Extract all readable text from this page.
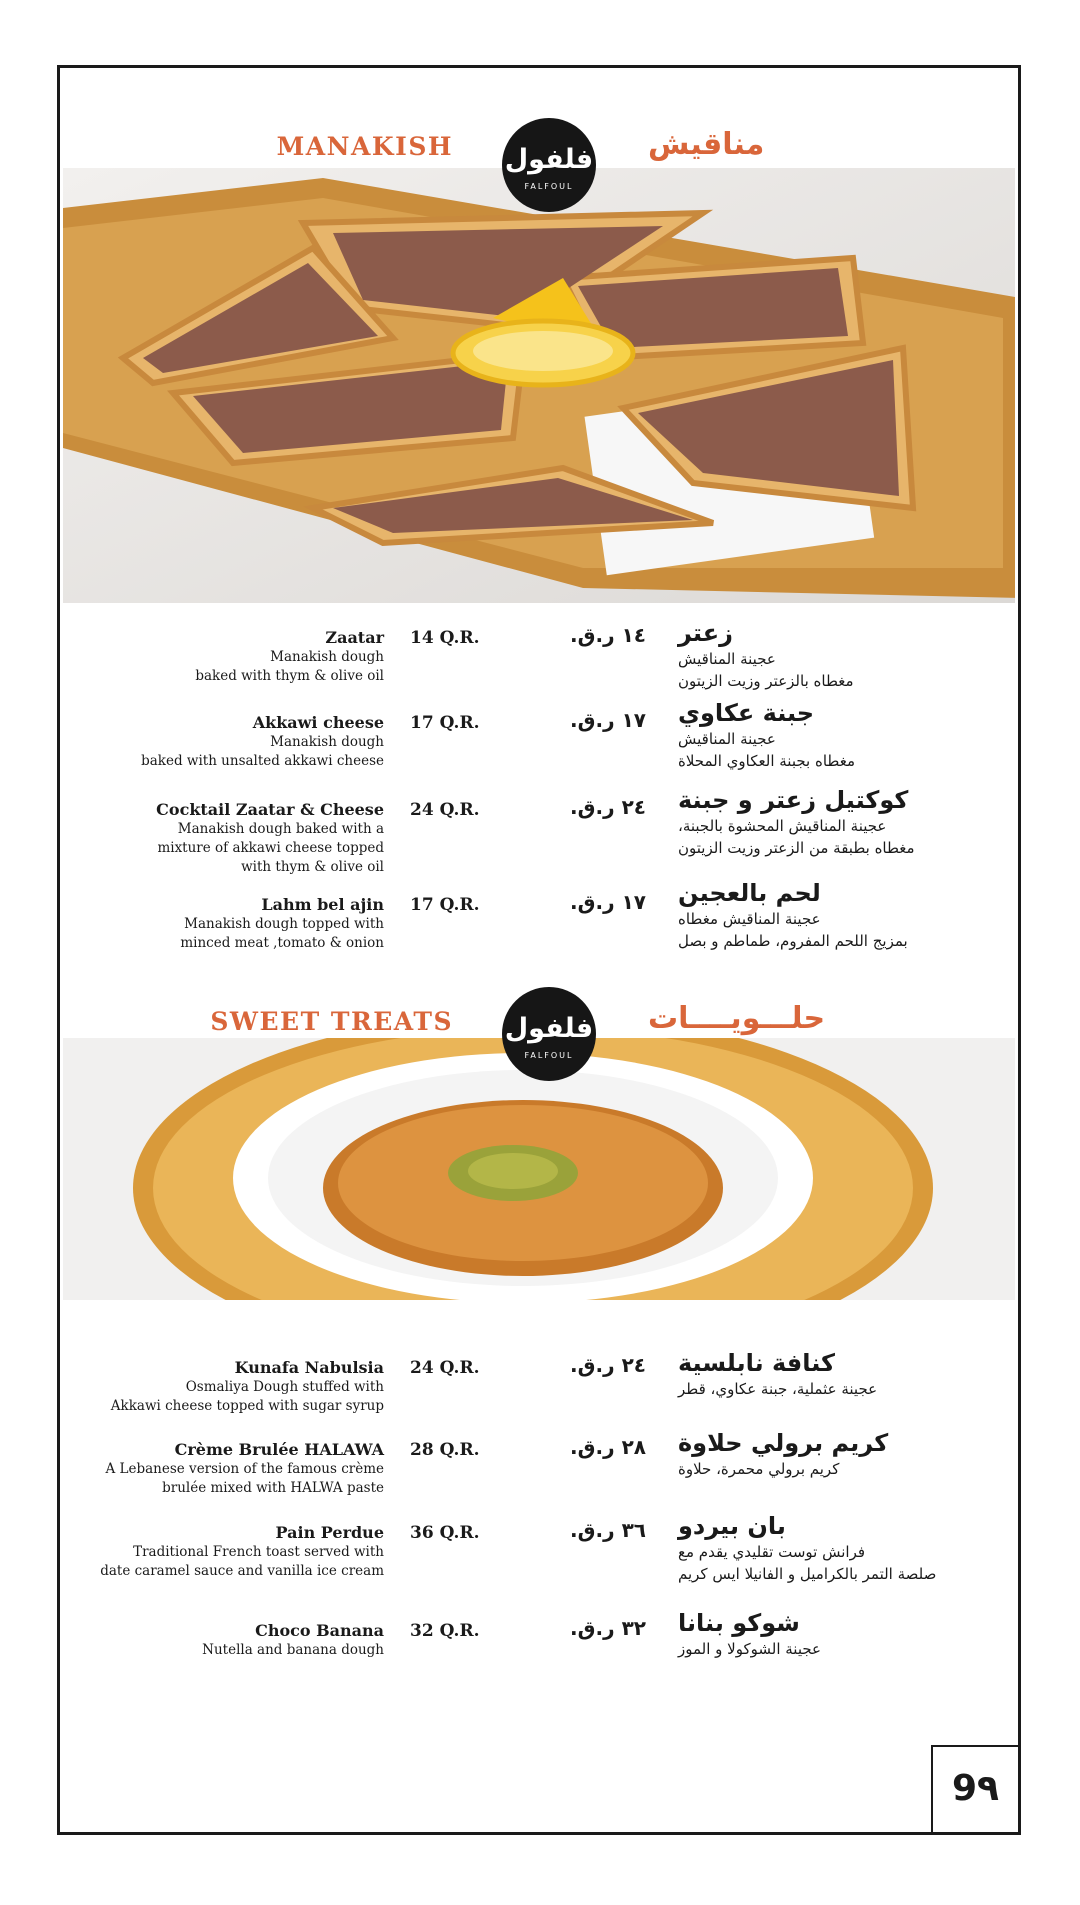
MANAKISH فلفول
FALFOUL
مناقيش
Zaatar
Manakish dough
baked with thym & olive oil
14 Q.R.	١٤ ر.ق. زعتر
عجينة المناقيش
مغطاه بالزعتر وزيت الزيتون
Akkawi cheese
Manakish dough
baked with unsalted akkawi cheese
17 Q.R.	١٧ ر.ق. جبنة عكاوي
عجينة المناقيش
مغطاه بجبنة العكاوي المحلاة
Cocktail Zaatar & Cheese
Manakish dough baked with a
mixture of akkawi cheese topped
with thym & olive oil
24 Q.R.	٢٤ ر.ق. كوكتيل زعتر و جبنة
عجينة المناقيش المحشوة بالجبنة،
مغطاه بطبقة من الزعتر وزيت الزيتون
Lahm bel ajin
Manakish dough topped with
minced meat ,tomato & onion
17 Q.R.	١٧ ر.ق. لحم بالعجين
عجينة المناقيش مغطاه
بمزيج اللحم المفروم، طماطم و بصل
SWEET TREATS فلفول
FALFOUL
حلـــويــــات
Kunafa Nabulsia
Osmaliya Dough stuffed with
Akkawi cheese topped with sugar syrup
24 Q.R.	٢٤ ر.ق. كنافة نابلسية
عجينة عثملية، جبنة عكاوي، قطر
Crème Brulée HALAWA
A Lebanese version of the famous crème
brulée mixed with HALWA paste
28 Q.R.	٢٨ ر.ق. كريم برولي حلاوة
كريم برولي محمرة، حلاوة
Pain Perdue
Traditional French toast served with
date caramel sauce and vanilla ice cream
36 Q.R.	٣٦ ر.ق. بان بيردو
فرانش توست تقليدي يقدم مع
صلصة التمر بالكراميل و الفانيلا ايس كريم
Choco Banana
Nutella and banana dough
32 Q.R.	٣٢ ر.ق. شوكو بنانا
عجينة الشوكولا و الموز
9٩
